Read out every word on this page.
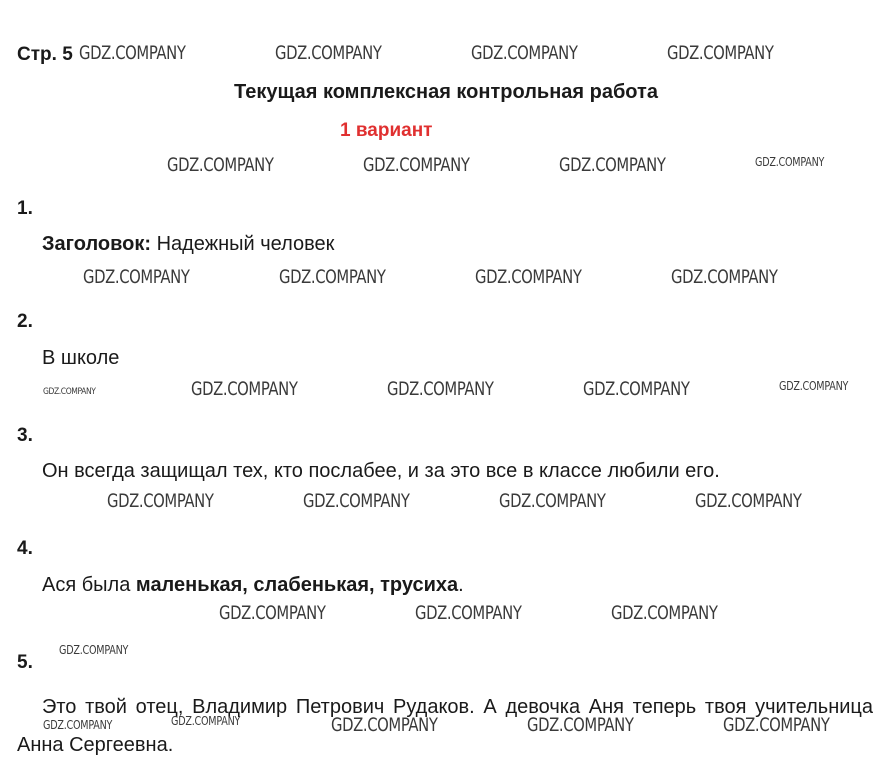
Стр. 5
Текущая комплексная контрольная работа
1 вариант
1.
Заголовок: Надежный человек
2.
В школе
3.
Он всегда защищал тех, кто послабее, и за это все в классе любили его.
4.
Ася была маленькая, слабенькая, трусиха.
5.
Это твой отец, Владимир Петрович Рудаков. А девочка Аня теперь твоя учительница Анна Сергеевна.
GDZ.COMPANY	GDZ.COMPANY	GDZ.COMPANY	GDZ.COMPANY
GDZ.COMPANY	GDZ.COMPANY	GDZ.COMPANY	GDZ.COMPANY
GDZ.COMPANY	GDZ.COMPANY	GDZ.COMPANY	GDZ.COMPANY
GDZ.COMPANY	GDZ.COMPANY	GDZ.COMPANY	GDZ.COMPANY	GDZ.COMPANY
GDZ.COMPANY	GDZ.COMPANY	GDZ.COMPANY	GDZ.COMPANY
GDZ.COMPANY	GDZ.COMPANY	GDZ.COMPANY
GDZ.COMPANY
GDZ.COMPANY	GDZ.COMPANY	GDZ.COMPANY	GDZ.COMPANY	GDZ.COMPANY
